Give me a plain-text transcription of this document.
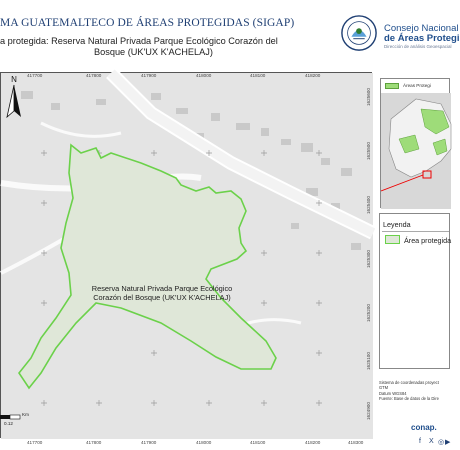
MA GUATEMALTECO DE ÁREAS PROTEGIDAS (SIGAP)
a protegida: Reserva Natural Privada Parque Ecológico Corazón del
Bosque (UK'UX K'ACHELAJ)
Consejo Nacional
de Áreas Protegi
Dirección de análisis Geoespacial
Reserva Natural Privada Parque Ecológico Corazón del Bosque (UK'UX K'ACHELAJ)
N 417700	417800	417900	418000	418100	418200
417700	417800	417900	418000	418100	418200	418300
1625600
1625500
1625400
1625300
1625200
1625100
1624900
Km
0.12
Áreas Protegi
Leyenda
Área protegida
Sistema de coordenadas proyect
GTM
Datum WGS84
Fuente: Base de datos de la Dire
conap.
f X ◎ ▶
